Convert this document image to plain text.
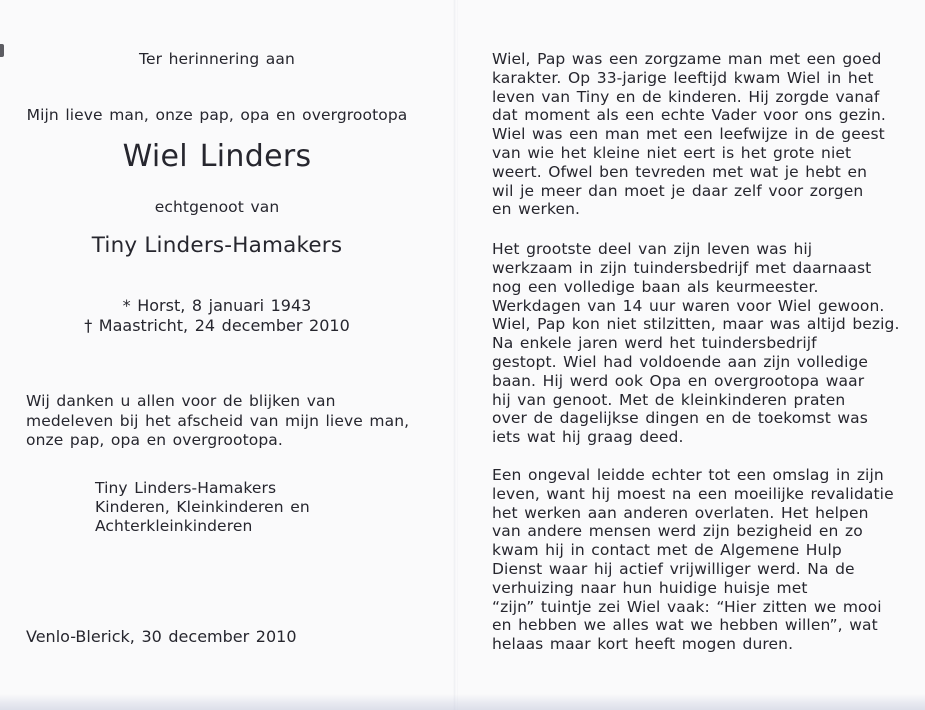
Ter herinnering aan
Mijn lieve man, onze pap, opa en overgrootopa
Wiel Linders
echtgenoot van
Tiny Linders-Hamakers
* Horst, 8 januari 1943
† Maastricht, 24 december 2010
Wij danken u allen voor de blijken van
medeleven bij het afscheid van mijn lieve man,
onze pap, opa en overgrootopa.
Tiny Linders-Hamakers
Kinderen, Kleinkinderen en
Achterkleinkinderen
Venlo-Blerick, 30 december 2010
Wiel, Pap was een zorgzame man met een goed
karakter. Op 33-jarige leeftijd kwam Wiel in het
leven van Tiny en de kinderen. Hij zorgde vanaf
dat moment als een echte Vader voor ons gezin.
Wiel was een man met een leefwijze in de geest
van wie het kleine niet eert is het grote niet
weert. Ofwel ben tevreden met wat je hebt en
wil je meer dan moet je daar zelf voor zorgen
en werken.
Het grootste deel van zijn leven was hij
werkzaam in zijn tuindersbedrijf met daarnaast
nog een volledige baan als keurmeester.
Werkdagen van 14 uur waren voor Wiel gewoon.
Wiel, Pap kon niet stilzitten, maar was altijd bezig.
Na enkele jaren werd het tuindersbedrijf
gestopt. Wiel had voldoende aan zijn volledige
baan. Hij werd ook Opa en overgrootopa waar
hij van genoot. Met de kleinkinderen praten
over de dagelijkse dingen en de toekomst was
iets wat hij graag deed.
Een ongeval leidde echter tot een omslag in zijn
leven, want hij moest na een moeilijke revalidatie
het werken aan anderen overlaten. Het helpen
van andere mensen werd zijn bezigheid en zo
kwam hij in contact met de Algemene Hulp
Dienst waar hij actief vrijwilliger werd. Na de
verhuizing naar hun huidige huisje met
“zijn” tuintje zei Wiel vaak: “Hier zitten we mooi
en hebben we alles wat we hebben willen”, wat
helaas maar kort heeft mogen duren.
